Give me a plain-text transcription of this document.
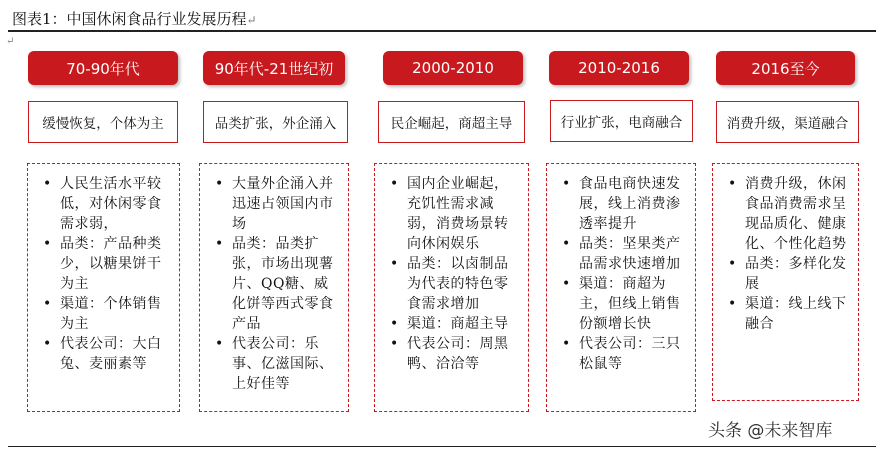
图表1：中国休闲食品行业发展历程↵
↵
70-90年代
缓慢恢复，个体为主
• 人民生活水平较低，对休闲零食需求弱，
• 品类：产品种类少，以糖果饼干为主
• 渠道：个体销售为主
• 代表公司：大白兔、麦丽素等
90年代-21世纪初
品类扩张，外企涌入
• 大量外企涌入并迅速占领国内市场
• 品类：品类扩张，市场出现薯片、QQ糖、威化饼等西式零食产品
• 代表公司：乐事、亿滋国际、上好佳等
2000-2010
民企崛起，商超主导
• 国内企业崛起，充饥性需求减弱，消费场景转向休闲娱乐
• 品类：以卤制品为代表的特色零食需求增加
• 渠道：商超主导
• 代表公司：周黑鸭、洽洽等
2010-2016
行业扩张，电商融合
• 食品电商快速发展，线上消费渗透率提升
• 品类：坚果类产品需求快速增加
• 渠道：商超为主，但线上销售份额增长快
• 代表公司：三只松鼠等
2016至今
消费升级，渠道融合
• 消费升级，休闲食品消费需求呈现品质化、健康化、个性化趋势
• 品类：多样化发展
• 渠道：线上线下融合
头条 @未来智库
